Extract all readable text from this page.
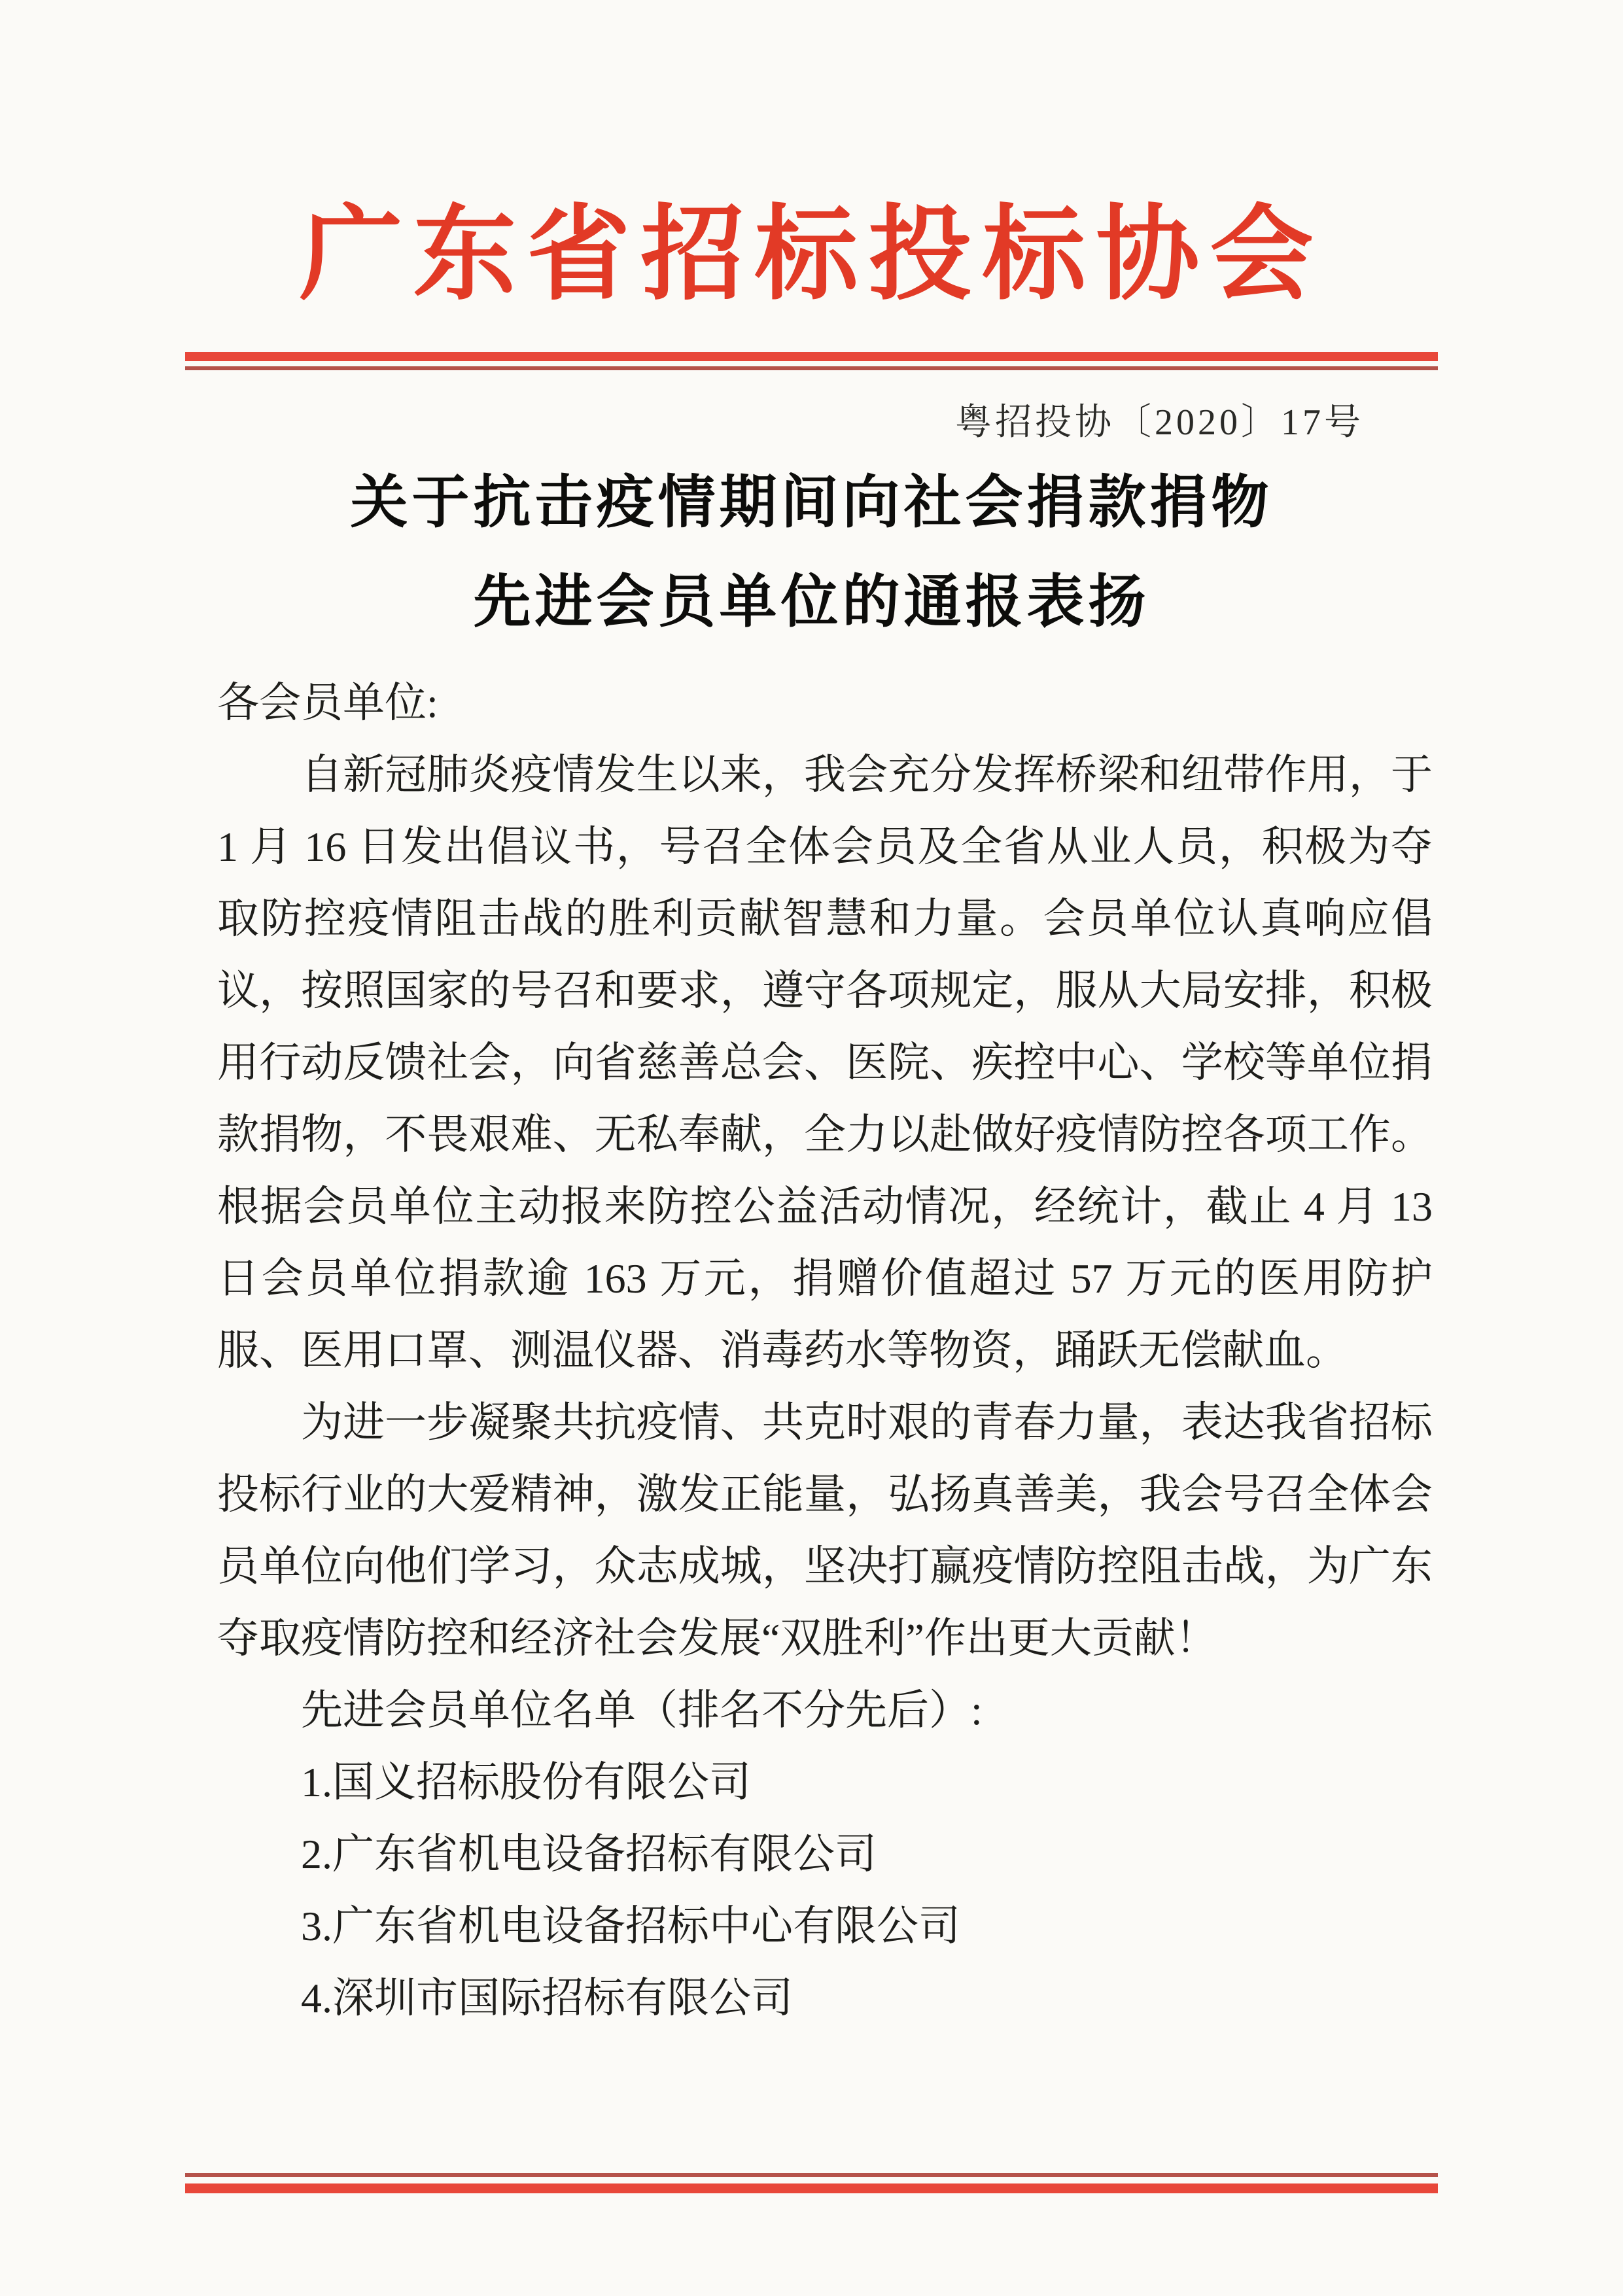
广东省招标投标协会
粤招投协〔2020〕17号
关于抗击疫情期间向社会捐款捐物
先进会员单位的通报表扬

各会员单位:

自新冠肺炎疫情发生以来，我会充分发挥桥梁和纽带作用，于 1 月 16 日发出倡议书，号召全体会员及全省从业人员，积极为夺取防控疫情阻击战的胜利贡献智慧和力量。会员单位认真响应倡议，按照国家的号召和要求，遵守各项规定，服从大局安排，积极用行动反馈社会，向省慈善总会、医院、疾控中心、学校等单位捐款捐物，不畏艰难、无私奉献，全力以赴做好疫情防控各项工作。根据会员单位主动报来防控公益活动情况，经统计，截止 4 月 13 日会员单位捐款逾 163 万元，捐赠价值超过 57 万元的医用防护服、医用口罩、测温仪器、消毒药水等物资，踊跃无偿献血。

为进一步凝聚共抗疫情、共克时艰的青春力量，表达我省招标投标行业的大爱精神，激发正能量，弘扬真善美，我会号召全体会员单位向他们学习，众志成城，坚决打赢疫情防控阻击战，为广东夺取疫情防控和经济社会发展“双胜利”作出更大贡献！

先进会员单位名单（排名不分先后）:

1.国义招标股份有限公司

2.广东省机电设备招标有限公司

3.广东省机电设备招标中心有限公司

4.深圳市国际招标有限公司
